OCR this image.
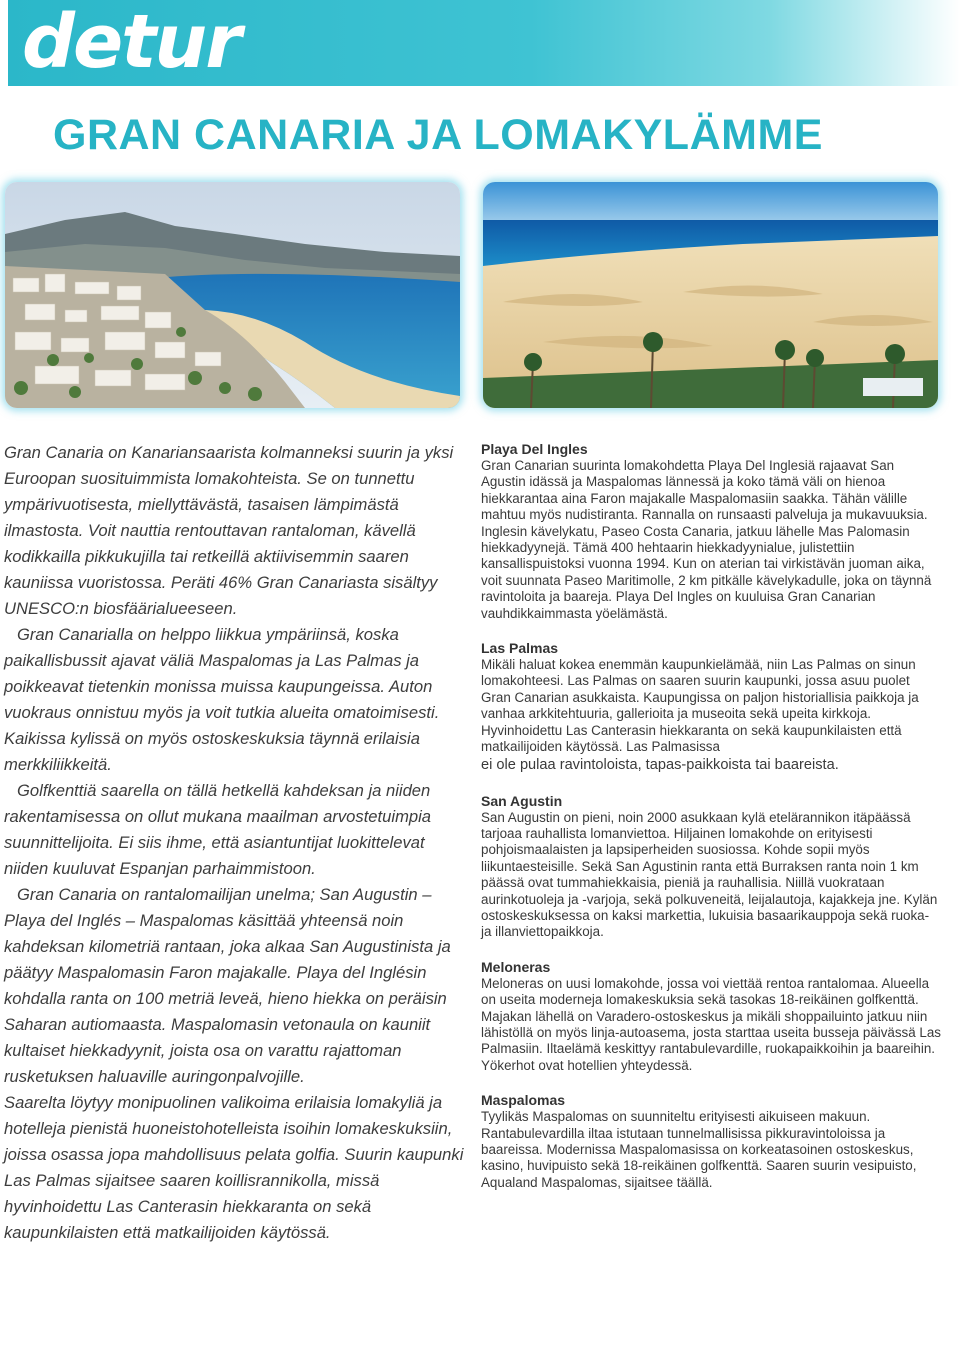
detur
GRAN CANARIA JA LOMAKYLÄMME

Gran Canaria on Kanariansaarista kolmanneksi suurin ja yksi Euroopan suosituimmista lomakohteista. Se on tunnettu ympärivuotisesta, miellyttävästä, tasaisen lämpimästä ilmastosta. Voit nauttia rentouttavan rantaloman, kävellä kodikkailla pikkukujilla tai retkeillä aktiivisemmin saaren kauniissa vuoristossa. Peräti 46% Gran Canariasta sisältyy UNESCO:n biosfäärialueeseen.

Gran Canarialla on helppo liikkua ympäriinsä, koska paikallisbussit ajavat väliä Maspalomas ja Las Palmas ja poikkeavat tietenkin monissa muissa kaupungeissa. Auton vuokraus onnistuu myös ja voit tutkia alueita omatoimisesti. Kaikissa kylissä on myös ostoskeskuksia täynnä erilaisia merkkiliikkeitä.

Golfkenttiä saarella on tällä hetkellä kahdeksan ja niiden rakentamisessa on ollut mukana maailman arvostetuimpia suunnittelijoita. Ei siis ihme, että asiantuntijat luokittelevat niiden kuuluvat Espanjan parhaimmistoon.

Gran Canaria on rantalomailijan unelma; San Augustin – Playa del Inglés – Maspalomas käsittää yhteensä noin kahdeksan kilometriä rantaan, joka alkaa San Augustinista ja päätyy Maspalomasin Faron majakalle. Playa del Inglésin kohdalla ranta on 100 metriä leveä, hieno hiekka on peräisin Saharan autiomaasta. Maspalomasin vetonaula on kauniit kultaiset hiekkadyynit, joista osa on varattu rajattoman rusketuksen haluaville auringonpalvojille.

Saarelta löytyy monipuolinen valikoima erilaisia lomakyliä ja hotelleja pienistä huoneistohotelleista isoihin lomakeskuksiin, joissa osassa jopa mahdollisuus pelata golfia. Suurin kaupunki Las Palmas sijaitsee saaren koillisrannikolla, missä hyvinhoidettu Las Canterasin hiekkaranta on sekä kaupunkilaisten että matkailijoiden käytössä.

Playa Del Ingles

Gran Canarian suurinta lomakohdetta Playa Del Inglesiä rajaavat San Agustin idässä ja Maspalomas lännessä ja koko tämä väli on hienoa hiekkarantaa aina Faron majakalle Maspalomasiin saakka. Tähän välille mahtuu myös nudistiranta. Rannalla on runsaasti palveluja ja mukavuuksia. Inglesin kävelykatu, Paseo Costa Canaria, jatkuu lähelle Mas Palomasin hiekkadyynejä. Tämä 400 hehtaarin hiekkadyynialue, julistettiin kansallispuistoksi vuonna 1994. Kun on aterian tai virkistävän juoman aika, voit suunnata Paseo Maritimolle, 2 km pitkälle kävelykadulle, joka on täynnä ravintoloita ja baareja. Playa Del Ingles on kuuluisa Gran Canarian vauhdikkaimmasta yöelämästä.

Las Palmas

Mikäli haluat kokea enemmän kaupunkielämää, niin Las Palmas on sinun lomakohteesi. Las Palmas on saaren suurin kaupunki, jossa asuu puolet Gran Canarian asukkaista. Kaupungissa on paljon historiallisia paikkoja ja vanhaa arkkitehtuuria, gallerioita ja museoita sekä upeita kirkkoja. Hyvinhoidettu Las Canterasin hiekkaranta on sekä kaupunkilaisten että matkailijoiden käytössä. Las Palmasissa

ei ole pulaa ravintoloista, tapas-paikkoista tai baareista.

San Agustin

San Augustin on pieni, noin 2000 asukkaan kylä etelärannikon itäpäässä tarjoaa rauhallista lomanviettoa. Hiljainen lomakohde on erityisesti pohjoismaalaisten ja lapsiperheiden suosiossa. Kohde sopii myös liikuntaesteisille. Sekä San Agustinin ranta että Burraksen ranta noin 1 km päässä ovat tummahiekkaisia, pieniä ja rauhallisia. Niillä vuokrataan aurinkotuoleja ja -varjoja, sekä polkuveneitä, leijalautoja, kajakkeja jne. Kylän ostoskeskuksessa on kaksi markettia, lukuisia basaarikauppoja sekä ruoka- ja illanviettopaikkoja.

Meloneras

Meloneras on uusi lomakohde, jossa voi viettää rentoa rantalomaa. Alueella on useita moderneja lomakeskuksia sekä tasokas 18-reikäinen golfkenttä. Majakan lähellä on Varadero-ostoskeskus ja mikäli shoppailuinto jatkuu niin lähistöllä on myös linja-autoasema, josta starttaa useita busseja päivässä Las Palmasiin. Iltaelämä keskittyy rantabulevardille, ruokapaikkoihin ja baareihin. Yökerhot ovat hotellien yhteydessä.

Maspalomas

Tyylikäs Maspalomas on suunniteltu erityisesti aikuiseen makuun. Rantabulevardilla iltaa istutaan tunnelmallisissa pikkuravintoloissa ja baareissa. Modernissa Maspalomasissa on korkeatasoinen ostoskeskus, kasino, huvipuisto sekä 18-reikäinen golfkenttä. Saaren suurin vesipuisto, Aqualand Maspalomas, sijaitsee täällä.
